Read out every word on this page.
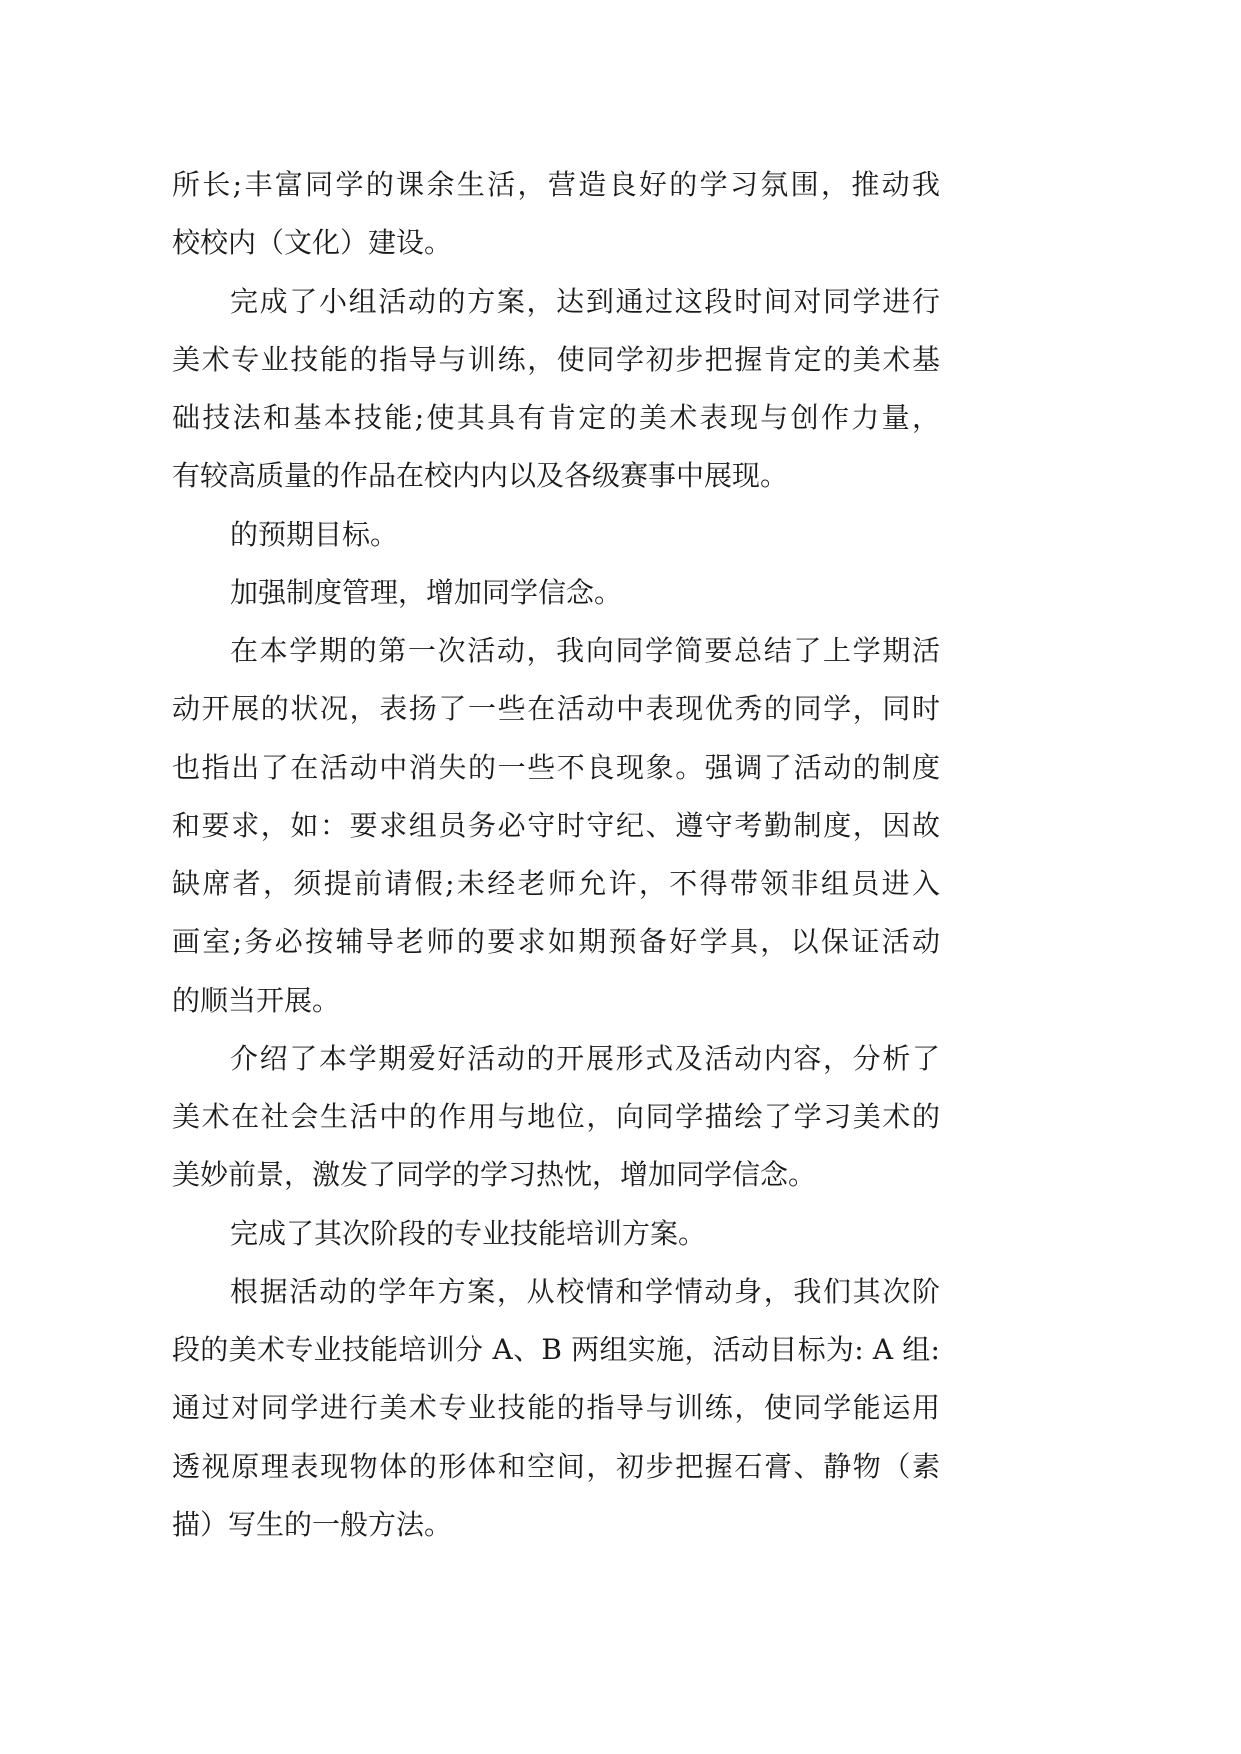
所长;丰富同学的课余生活，营造良好的学习氛围，推动我
校校内（文化）建设。
完成了小组活动的方案，达到通过这段时间对同学进行
美术专业技能的指导与训练，使同学初步把握肯定的美术基
础技法和基本技能;使其具有肯定的美术表现与创作力量，
有较高质量的作品在校内内以及各级赛事中展现。
的预期目标。
加强制度管理，增加同学信念。
在本学期的第一次活动，我向同学简要总结了上学期活
动开展的状况，表扬了一些在活动中表现优秀的同学，同时
也指出了在活动中消失的一些不良现象。强调了活动的制度
和要求，如：要求组员务必守时守纪、遵守考勤制度，因故
缺席者，须提前请假;未经老师允许，不得带领非组员进入
画室;务必按辅导老师的要求如期预备好学具，以保证活动
的顺当开展。
介绍了本学期爱好活动的开展形式及活动内容，分析了
美术在社会生活中的作用与地位，向同学描绘了学习美术的
美妙前景，激发了同学的学习热忱，增加同学信念。
完成了其次阶段的专业技能培训方案。
根据活动的学年方案，从校情和学情动身，我们其次阶
段的美术专业技能培训分 A、B 两组实施，活动目标为: A 组:
通过对同学进行美术专业技能的指导与训练，使同学能运用
透视原理表现物体的形体和空间，初步把握石膏、静物（素
描）写生的一般方法。
